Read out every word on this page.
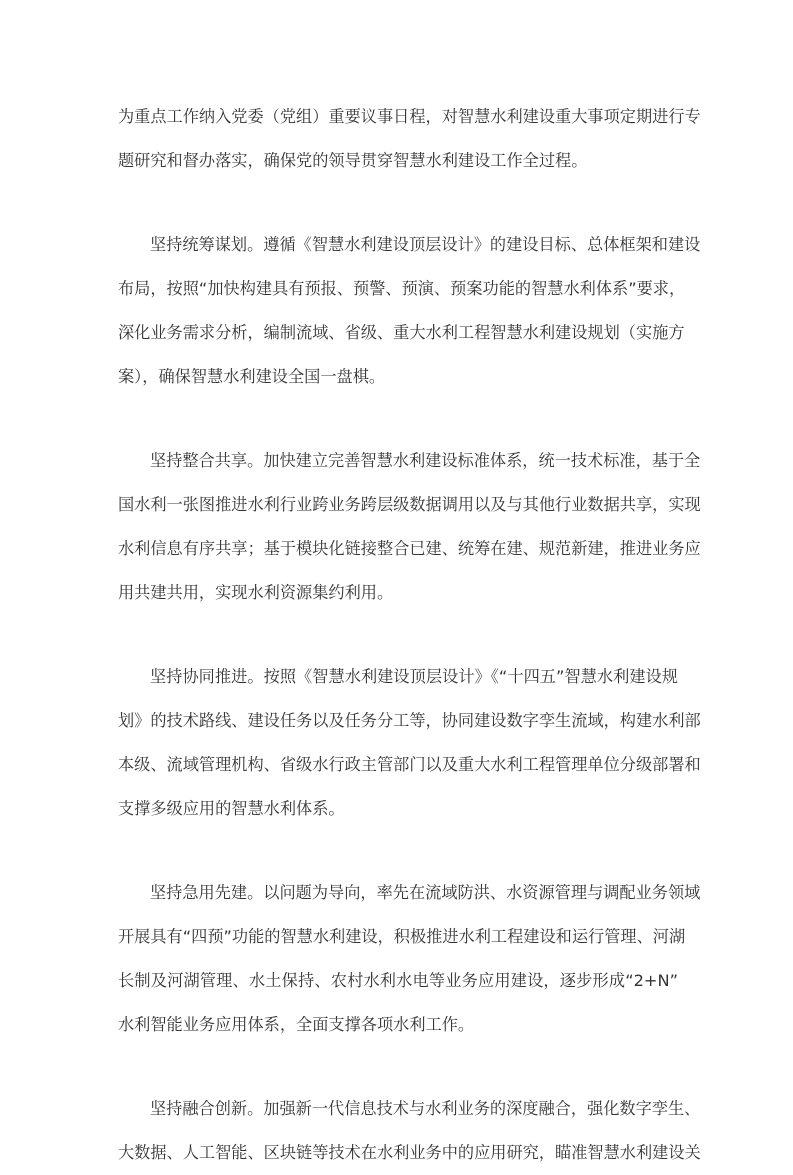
为重点工作纳入党委（党组）重要议事日程，对智慧水利建设重大事项定期进行专
题研究和督办落实，确保党的领导贯穿智慧水利建设工作全过程。
坚持统筹谋划。遵循《智慧水利建设顶层设计》的建设目标、总体框架和建设
布局，按照“加快构建具有预报、预警、预演、预案功能的智慧水利体系”要求，
深化业务需求分析，编制流域、省级、重大水利工程智慧水利建设规划（实施方
案），确保智慧水利建设全国一盘棋。
坚持整合共享。加快建立完善智慧水利建设标准体系，统一技术标准，基于全
国水利一张图推进水利行业跨业务跨层级数据调用以及与其他行业数据共享，实现
水利信息有序共享；基于模块化链接整合已建、统筹在建、规范新建，推进业务应
用共建共用，实现水利资源集约利用。
坚持协同推进。按照《智慧水利建设顶层设计》《“十四五”智慧水利建设规
划》的技术路线、建设任务以及任务分工等，协同建设数字孪生流域，构建水利部
本级、流域管理机构、省级水行政主管部门以及重大水利工程管理单位分级部署和
支撑多级应用的智慧水利体系。
坚持急用先建。以问题为导向，率先在流域防洪、水资源管理与调配业务领域
开展具有“四预”功能的智慧水利建设，积极推进水利工程建设和运行管理、河湖
长制及河湖管理、水土保持、农村水利水电等业务应用建设，逐步形成“2+N”
水利智能业务应用体系，全面支撑各项水利工作。
坚持融合创新。加强新一代信息技术与水利业务的深度融合，强化数字孪生、
大数据、人工智能、区块链等技术在水利业务中的应用研究，瞄准智慧水利建设关
